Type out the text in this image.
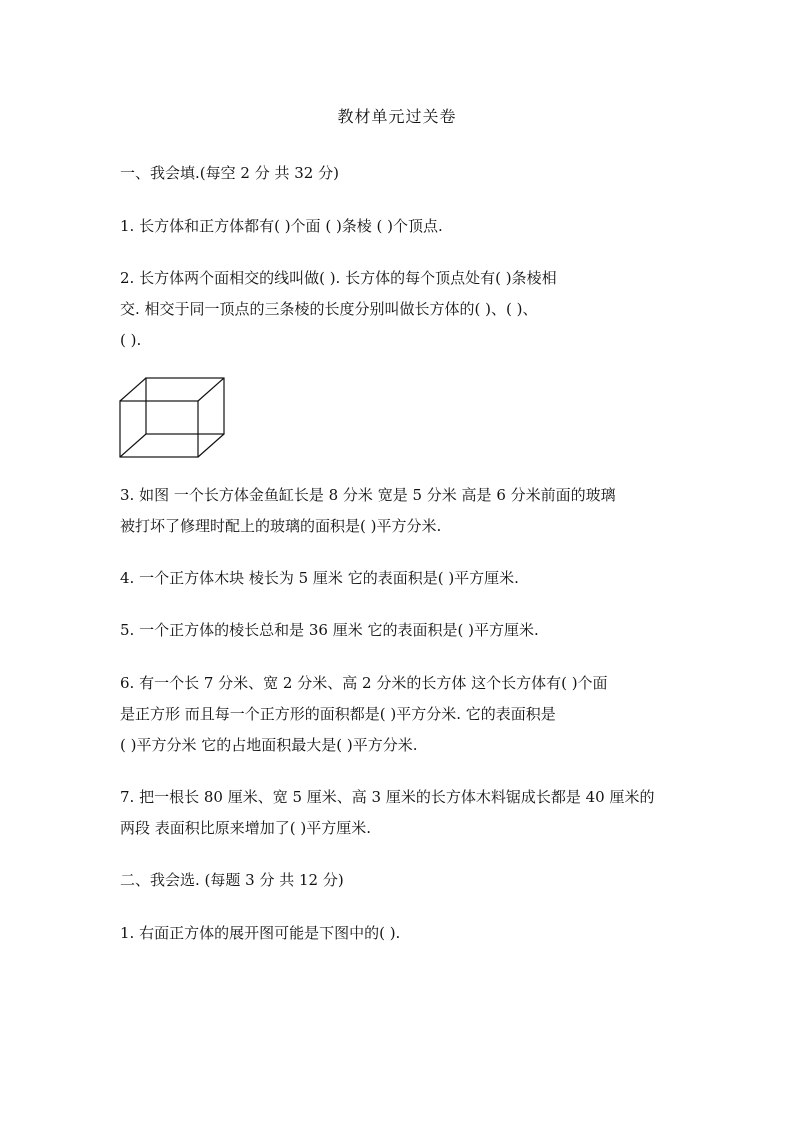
教材单元过关卷
一、我会填.(每空 2 分 共 32 分)
1. 长方体和正方体都有( )个面 ( )条棱 ( )个顶点.
2. 长方体两个面相交的线叫做( ). 长方体的每个顶点处有( )条棱相
交. 相交于同一顶点的三条棱的长度分别叫做长方体的( )、( )、
( ).
3. 如图 一个长方体金鱼缸长是 8 分米 宽是 5 分米 高是 6 分米前面的玻璃
被打坏了修理时配上的玻璃的面积是( )平方分米.
4. 一个正方体木块 棱长为 5 厘米 它的表面积是( )平方厘米.
5. 一个正方体的棱长总和是 36 厘米 它的表面积是( )平方厘米.
6. 有一个长 7 分米、宽 2 分米、高 2 分米的长方体 这个长方体有( )个面
是正方形 而且每一个正方形的面积都是( )平方分米. 它的表面积是
( )平方分米 它的占地面积最大是( )平方分米.
7. 把一根长 80 厘米、宽 5 厘米、高 3 厘米的长方体木料锯成长都是 40 厘米的
两段 表面积比原来增加了( )平方厘米.
二、我会选. (每题 3 分 共 12 分)
1. 右面正方体的展开图可能是下图中的( ).
